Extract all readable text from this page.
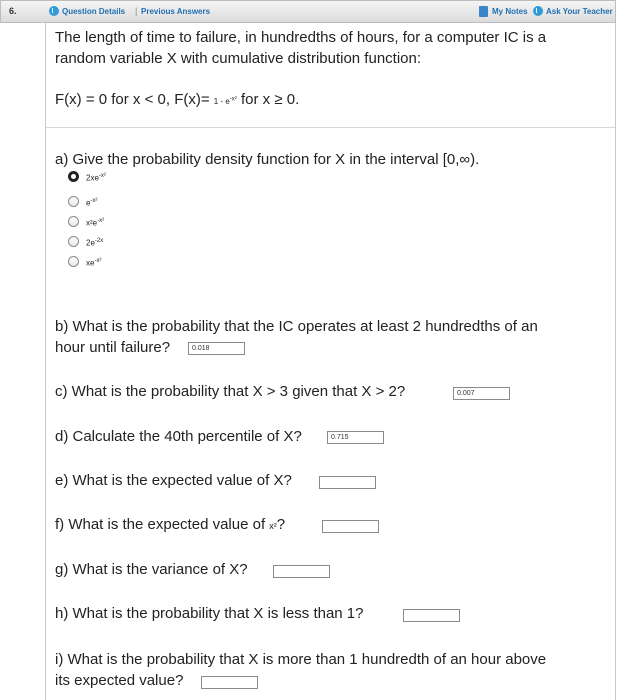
6.	Question Details | Previous Answers	My Notes Ask Your Teacher
The length of time to failure, in hundredths of hours, for a computer IC is a
random variable X with cumulative distribution function:
F(x) = 0 for x < 0, $F(x)= 1 - e^{-x^2}$ for x ≥ 0.
a) Give the probability density function for X in the interval [0,∞).
$2xe^{-x^2}$
$e^{-x^2}$
$x^2e^{-x^2}$
$2e^{-2x}$
$xe^{-x^2}$
b) What is the probability that the IC operates at least 2 hundredths of an
hour until failure?	0.018
c) What is the probability that X > 3 given that X > 2?	0.007
d) Calculate the 40th percentile of X?	0.715
e) What is the expected value of X?
f) What is the expected value of x²?
g) What is the variance of X?
h) What is the probability that X is less than 1?
i) What is the probability that X is more than 1 hundredth of an hour above
its expected value?
